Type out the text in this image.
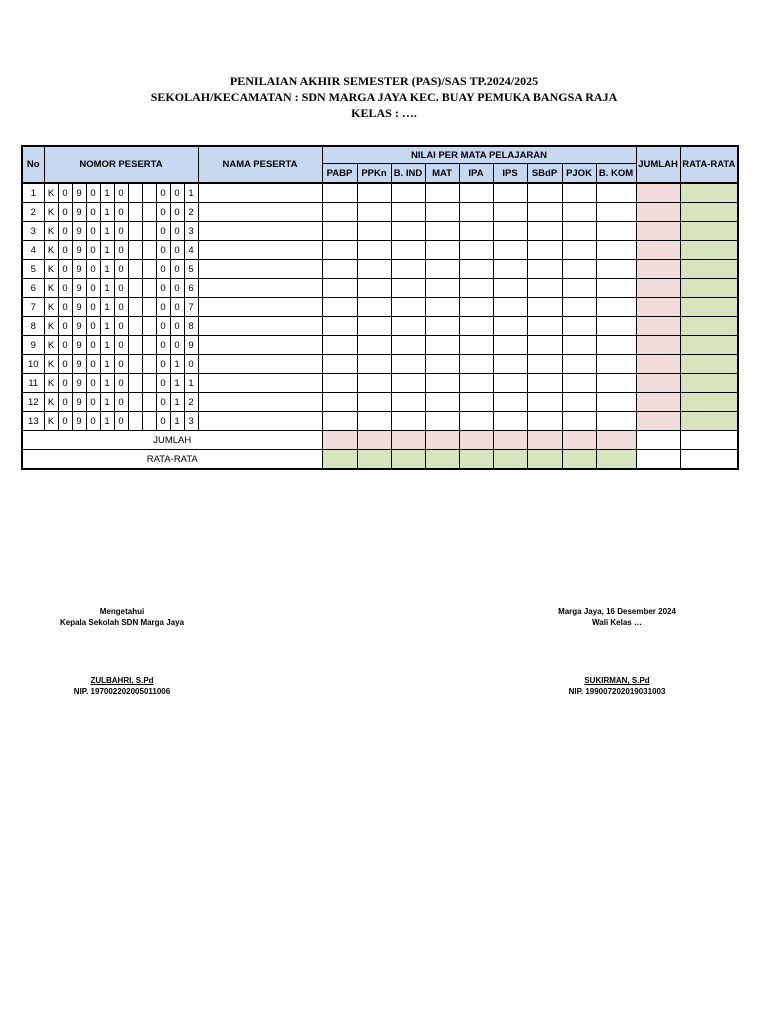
PENILAIAN AKHIR SEMESTER (PAS)/SAS TP.2024/2025
SEKOLAH/KECAMATAN : SDN MARGA JAYA KEC. BUAY PEMUKA BANGSA RAJA
KELAS : ….
No	NOMOR PESERTA											NAMA PESERTA	NILAI PER MATA PELAJARAN									JUMLAH	RATA-RATA
													PABP	PPKn	B. IND	MAT	IPA	IPS	SBdP	PJOK	B. KOM		
1	K	0	9	0	1	0			0	0	1												
2	K	0	9	0	1	0			0	0	2												
3	K	0	9	0	1	0			0	0	3												
4	K	0	9	0	1	0			0	0	4												
5	K	0	9	0	1	0			0	0	5												
6	K	0	9	0	1	0			0	0	6												
7	K	0	9	0	1	0			0	0	7												
8	K	0	9	0	1	0			0	0	8												
9	K	0	9	0	1	0			0	0	9												
10	K	0	9	0	1	0			0	1	0												
11	K	0	9	0	1	0			0	1	1												
12	K	0	9	0	1	0			0	1	2												
13	K	0	9	0	1	0			0	1	3												
JUMLAH																							
RATA-RATA																							
Mengetahui
Kepala Sekolah SDN Marga Jaya
ZULBAHRI, S.Pd
NIP. 197002202005011006
Marga Jaya, 16 Desember 2024
Wali Kelas …
SUKIRMAN, S.Pd
NIP. 199007202019031003
